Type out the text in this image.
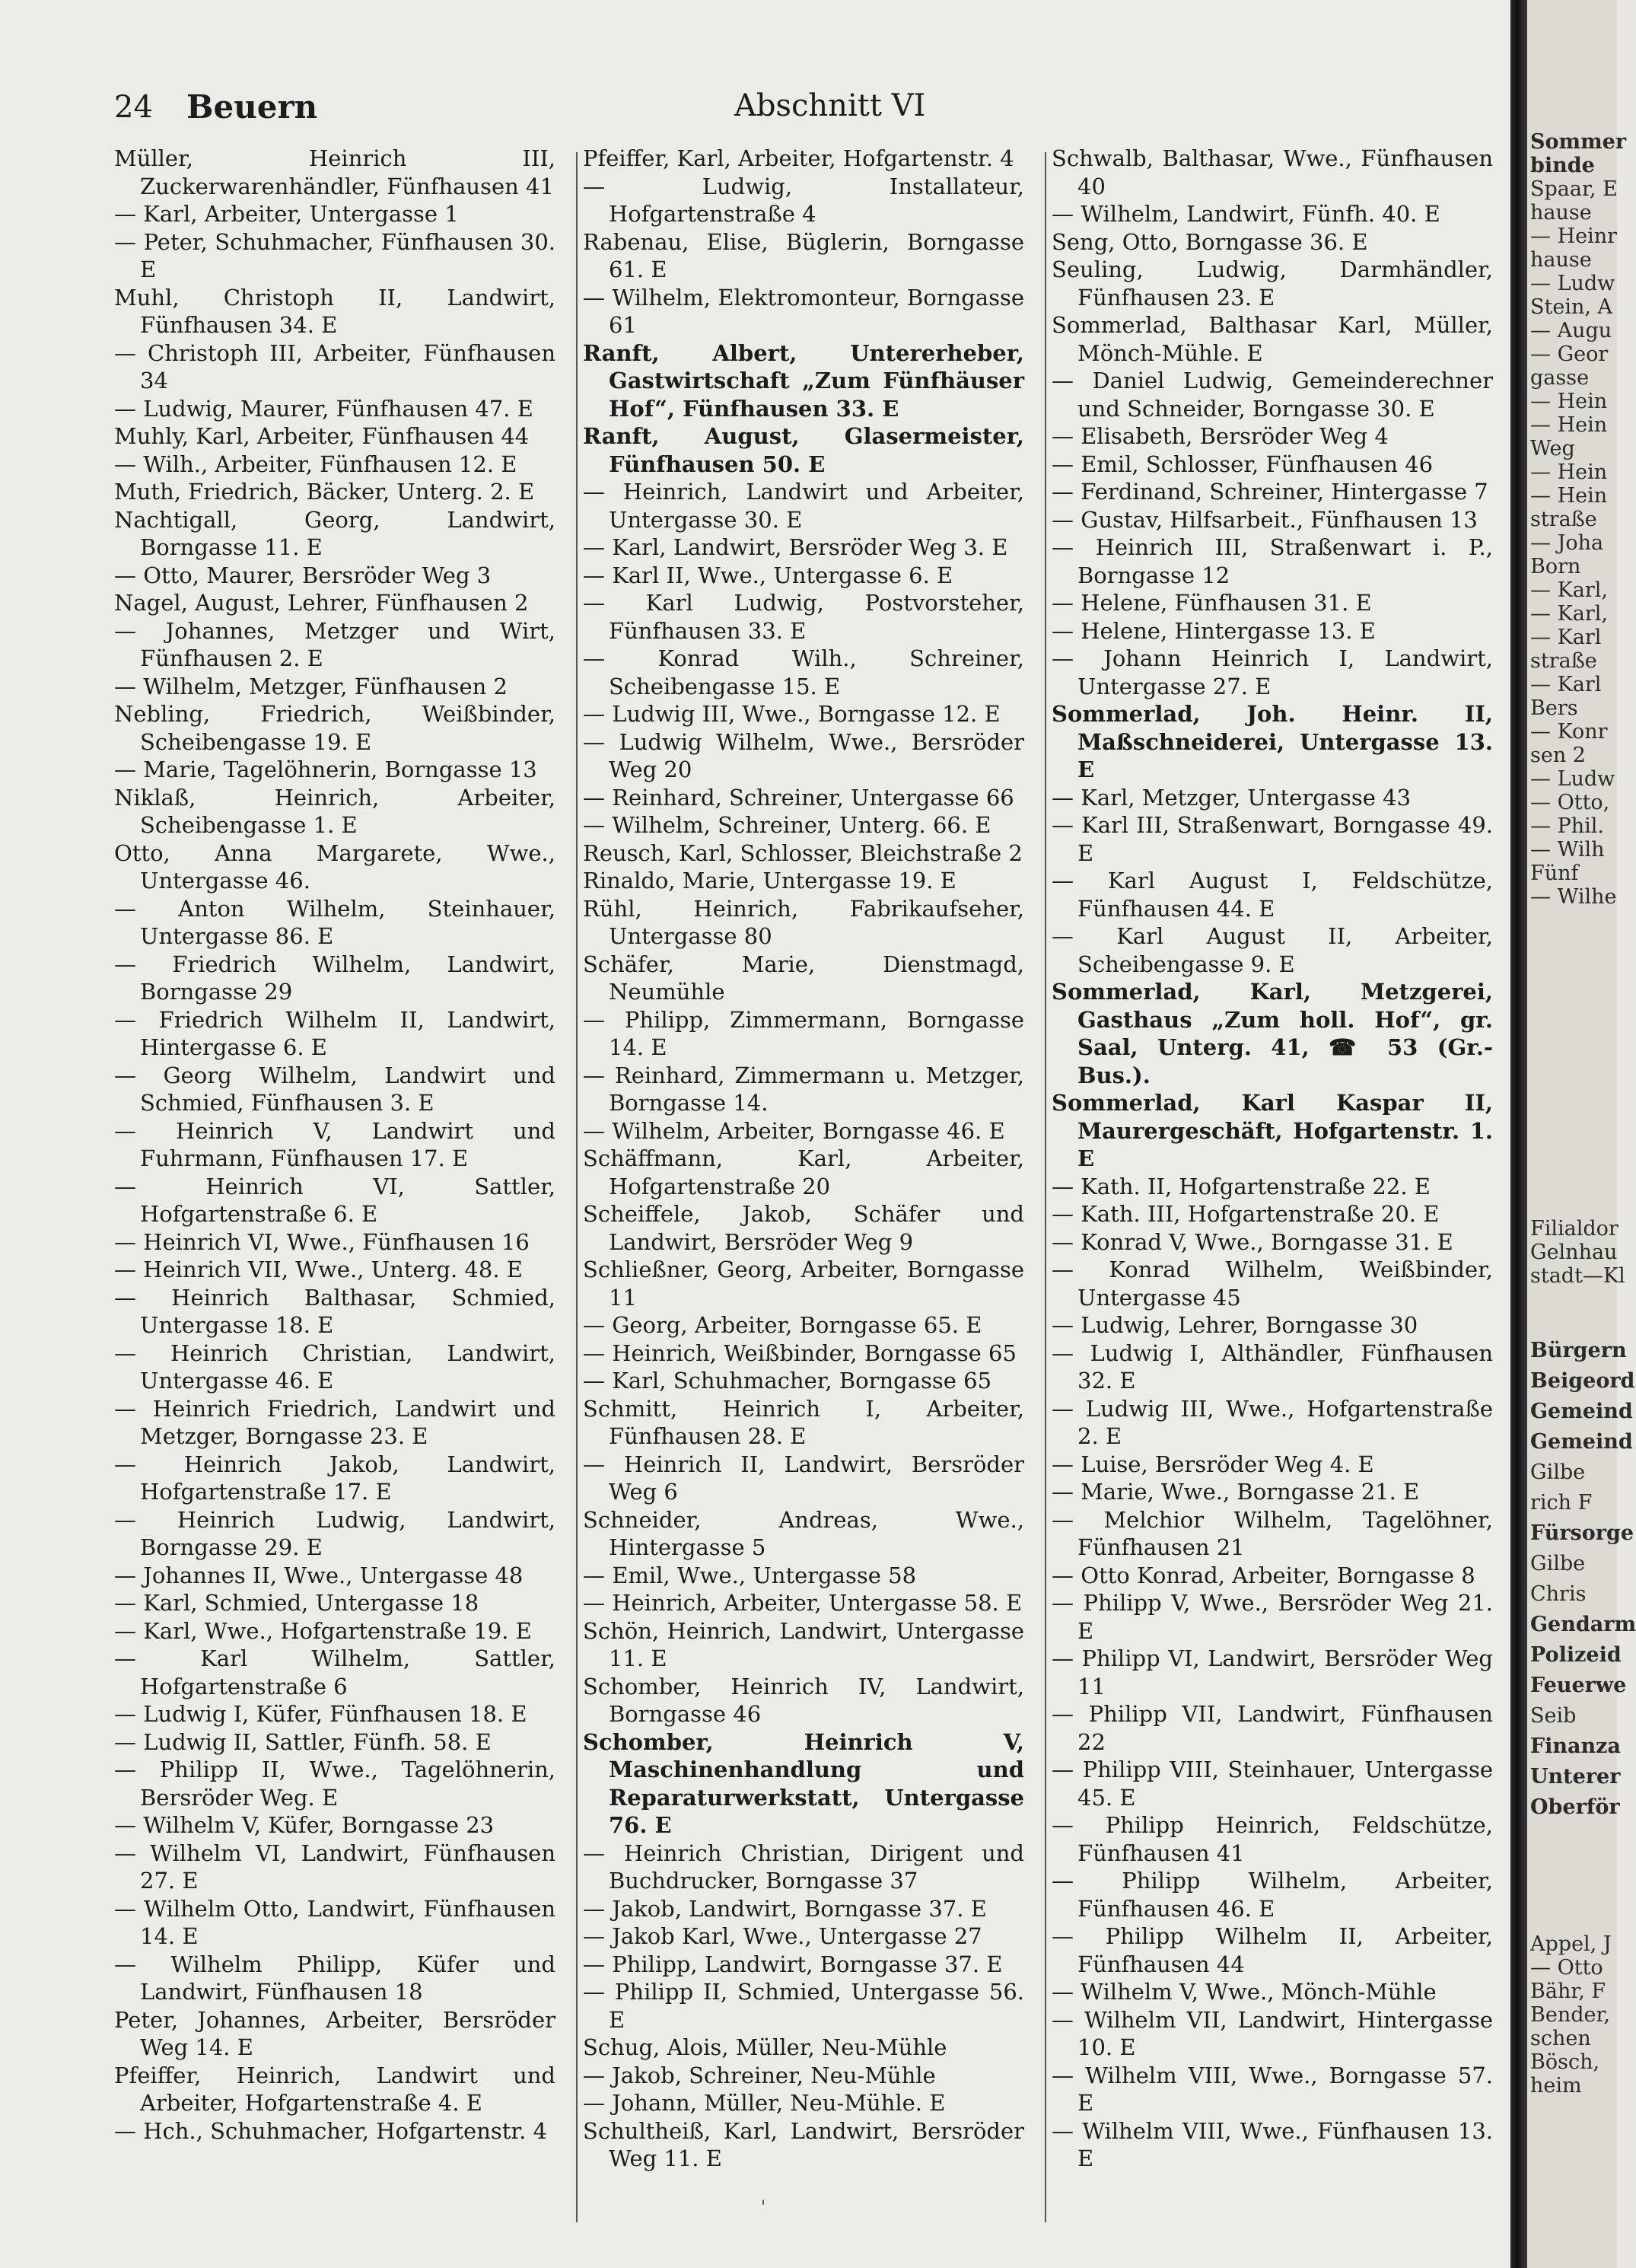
24 Beuern	Abschnitt VI

Müller, Heinrich III, Zuckerwarenhändler, Fünfhausen 41

— Karl, Arbeiter, Untergasse 1

— Peter, Schuhmacher, Fünfhausen 30. E

Muhl, Christoph II, Landwirt, Fünfhausen 34. E

— Christoph III, Arbeiter, Fünfhausen 34

— Ludwig, Maurer, Fünfhausen 47. E

Muhly, Karl, Arbeiter, Fünfhausen 44

— Wilh., Arbeiter, Fünfhausen 12. E

Muth, Friedrich, Bäcker, Unterg. 2. E

Nachtigall, Georg, Landwirt, Borngasse 11. E

— Otto, Maurer, Bersröder Weg 3

Nagel, August, Lehrer, Fünfhausen 2

— Johannes, Metzger und Wirt, Fünfhausen 2. E

— Wilhelm, Metzger, Fünfhausen 2

Nebling, Friedrich, Weißbinder, Scheibengasse 19. E

— Marie, Tagelöhnerin, Borngasse 13

Niklaß, Heinrich, Arbeiter, Scheibengasse 1. E

Otto, Anna Margarete, Wwe., Untergasse 46.

— Anton Wilhelm, Steinhauer, Untergasse 86. E

— Friedrich Wilhelm, Landwirt, Borngasse 29

— Friedrich Wilhelm II, Landwirt, Hintergasse 6. E

— Georg Wilhelm, Landwirt und Schmied, Fünfhausen 3. E

— Heinrich V, Landwirt und Fuhrmann, Fünfhausen 17. E

— Heinrich VI, Sattler, Hofgartenstraße 6. E

— Heinrich VI, Wwe., Fünfhausen 16

— Heinrich VII, Wwe., Unterg. 48. E

— Heinrich Balthasar, Schmied, Untergasse 18. E

— Heinrich Christian, Landwirt, Untergasse 46. E

— Heinrich Friedrich, Landwirt und Metzger, Borngasse 23. E

— Heinrich Jakob, Landwirt, Hofgartenstraße 17. E

— Heinrich Ludwig, Landwirt, Borngasse 29. E

— Johannes II, Wwe., Untergasse 48

— Karl, Schmied, Untergasse 18

— Karl, Wwe., Hofgartenstraße 19. E

— Karl Wilhelm, Sattler, Hofgartenstraße 6

— Ludwig I, Küfer, Fünfhausen 18. E

— Ludwig II, Sattler, Fünfh. 58. E

— Philipp II, Wwe., Tagelöhnerin, Bersröder Weg. E

— Wilhelm V, Küfer, Borngasse 23

— Wilhelm VI, Landwirt, Fünfhausen 27. E

— Wilhelm Otto, Landwirt, Fünfhausen 14. E

— Wilhelm Philipp, Küfer und Landwirt, Fünfhausen 18

Peter, Johannes, Arbeiter, Bersröder Weg 14. E

Pfeiffer, Heinrich, Landwirt und Arbeiter, Hofgartenstraße 4. E

— Hch., Schuhmacher, Hofgartenstr. 4

Pfeiffer, Karl, Arbeiter, Hofgartenstr. 4

— Ludwig, Installateur, Hofgartenstraße 4

Rabenau, Elise, Büglerin, Borngasse 61. E

— Wilhelm, Elektromonteur, Borngasse 61

Ranft, Albert, Untererheber, Gastwirtschaft „Zum Fünfhäuser Hof“, Fünfhausen 33. E

Ranft, August, Glasermeister, Fünfhausen 50. E

— Heinrich, Landwirt und Arbeiter, Untergasse 30. E

— Karl, Landwirt, Bersröder Weg 3. E

— Karl II, Wwe., Untergasse 6. E

— Karl Ludwig, Postvorsteher, Fünfhausen 33. E

— Konrad Wilh., Schreiner, Scheibengasse 15. E

— Ludwig III, Wwe., Borngasse 12. E

— Ludwig Wilhelm, Wwe., Bersröder Weg 20

— Reinhard, Schreiner, Untergasse 66

— Wilhelm, Schreiner, Unterg. 66. E

Reusch, Karl, Schlosser, Bleichstraße 2

Rinaldo, Marie, Untergasse 19. E

Rühl, Heinrich, Fabrikaufseher, Untergasse 80

Schäfer, Marie, Dienstmagd, Neumühle

— Philipp, Zimmermann, Borngasse 14. E

— Reinhard, Zimmermann u. Metzger, Borngasse 14.

— Wilhelm, Arbeiter, Borngasse 46. E

Schäffmann, Karl, Arbeiter, Hofgartenstraße 20

Scheiffele, Jakob, Schäfer und Landwirt, Bersröder Weg 9

Schließner, Georg, Arbeiter, Borngasse 11

— Georg, Arbeiter, Borngasse 65. E

— Heinrich, Weißbinder, Borngasse 65

— Karl, Schuhmacher, Borngasse 65

Schmitt, Heinrich I, Arbeiter, Fünfhausen 28. E

— Heinrich II, Landwirt, Bersröder Weg 6

Schneider, Andreas, Wwe., Hintergasse 5

— Emil, Wwe., Untergasse 58

— Heinrich, Arbeiter, Untergasse 58. E

Schön, Heinrich, Landwirt, Untergasse 11. E

Schomber, Heinrich IV, Landwirt, Borngasse 46

Schomber, Heinrich V, Maschinenhandlung und Reparaturwerkstatt, Untergasse 76. E

— Heinrich Christian, Dirigent und Buchdrucker, Borngasse 37

— Jakob, Landwirt, Borngasse 37. E

— Jakob Karl, Wwe., Untergasse 27

— Philipp, Landwirt, Borngasse 37. E

— Philipp II, Schmied, Untergasse 56. E

Schug, Alois, Müller, Neu-Mühle

— Jakob, Schreiner, Neu-Mühle

— Johann, Müller, Neu-Mühle. E

Schultheiß, Karl, Landwirt, Bersröder Weg 11. E

Schwalb, Balthasar, Wwe., Fünfhausen 40

— Wilhelm, Landwirt, Fünfh. 40. E

Seng, Otto, Borngasse 36. E

Seuling, Ludwig, Darmhändler, Fünfhausen 23. E

Sommerlad, Balthasar Karl, Müller, Mönch-Mühle. E

— Daniel Ludwig, Gemeinderechner und Schneider, Borngasse 30. E

— Elisabeth, Bersröder Weg 4

— Emil, Schlosser, Fünfhausen 46

— Ferdinand, Schreiner, Hintergasse 7

— Gustav, Hilfsarbeit., Fünfhausen 13

— Heinrich III, Straßenwart i. P., Borngasse 12

— Helene, Fünfhausen 31. E

— Helene, Hintergasse 13. E

— Johann Heinrich I, Landwirt, Untergasse 27. E

Sommerlad, Joh. Heinr. II, Maßschneiderei, Untergasse 13. E

— Karl, Metzger, Untergasse 43

— Karl III, Straßenwart, Borngasse 49. E

— Karl August I, Feldschütze, Fünfhausen 44. E

— Karl August II, Arbeiter, Scheibengasse 9. E

Sommerlad, Karl, Metzgerei, Gasthaus „Zum holl. Hof“, gr. Saal, Unterg. 41, ☎ 53 (Gr.-Bus.).

Sommerlad, Karl Kaspar II, Maurergeschäft, Hofgartenstr. 1. E

— Kath. II, Hofgartenstraße 22. E

— Kath. III, Hofgartenstraße 20. E

— Konrad V, Wwe., Borngasse 31. E

— Konrad Wilhelm, Weißbinder, Untergasse 45

— Ludwig, Lehrer, Borngasse 30

— Ludwig I, Althändler, Fünfhausen 32. E

— Ludwig III, Wwe., Hofgartenstraße 2. E

— Luise, Bersröder Weg 4. E

— Marie, Wwe., Borngasse 21. E

— Melchior Wilhelm, Tagelöhner, Fünfhausen 21

— Otto Konrad, Arbeiter, Borngasse 8

— Philipp V, Wwe., Bersröder Weg 21. E

— Philipp VI, Landwirt, Bersröder Weg 11

— Philipp VII, Landwirt, Fünfhausen 22

— Philipp VIII, Steinhauer, Untergasse 45. E

— Philipp Heinrich, Feldschütze, Fünfhausen 41

— Philipp Wilhelm, Arbeiter, Fünfhausen 46. E

— Philipp Wilhelm II, Arbeiter, Fünfhausen 44

— Wilhelm V, Wwe., Mönch-Mühle

— Wilhelm VII, Landwirt, Hintergasse 10. E

— Wilhelm VIII, Wwe., Borngasse 57. E

— Wilhelm VIII, Wwe., Fünfhausen 13. E

'
Sommer
binde
Spaar, E
hause
— Heinr
hause
— Ludw
Stein, A
— Augu
— Geor
gasse
— Hein
— Hein
Weg
— Hein
— Hein
straße
— Joha
Born
— Karl,
— Karl,
— Karl
straße
— Karl
Bers
— Konr
sen 2
— Ludw
— Otto,
— Phil.
— Wilh
Fünf
— Wilhe
Filialdor
Gelnhau
stadt—Kl
Bürgern
Beigeord
Gemeind
Gemeind
Gilbe
rich F
Fürsorge
Gilbe
Chris
Gendarm
Polizeid
Feuerwe
Seib
Finanza
Unterer
Oberför
Appel, J
— Otto
Bähr, F
Bender,
schen
Bösch,
heim
